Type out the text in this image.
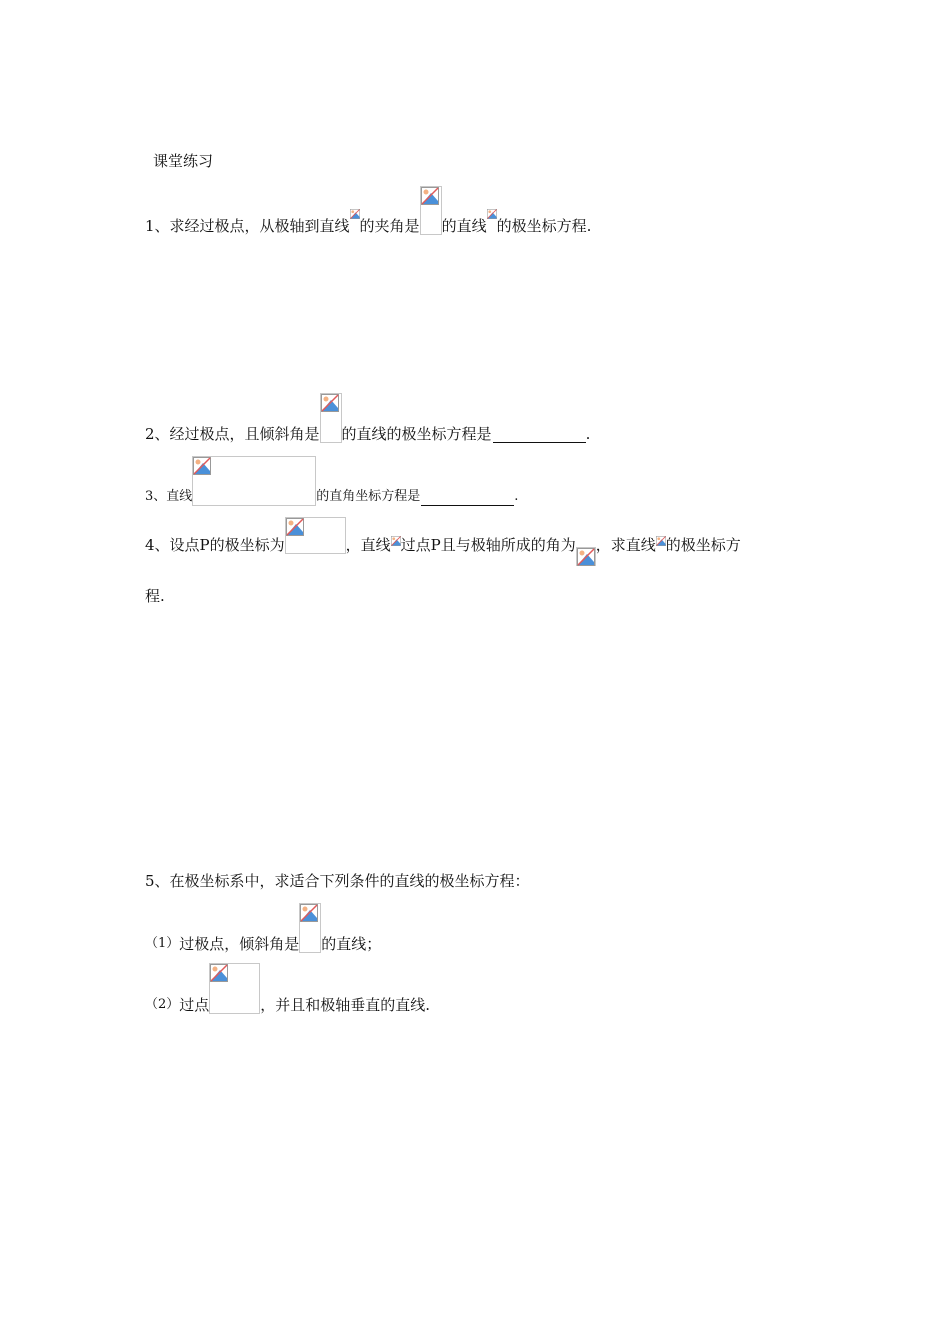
课堂练习
1、求经过极点，从极轴到直线 的夹角是 的直线 的极坐标方程.
2、经过极点，且倾斜角是 的直线的极坐标方程是	.
3、直线	的直角坐标方程是	.
4、设点P的极坐标为	，直线 过点P且与极轴所成的角为 ，求直线 的极坐标方
程.
5、在极坐标系中，求适合下列条件的直线的极坐标方程：
（1） 过极点，倾斜角是 的直线；
（2） 过点	，并且和极轴垂直的直线.
